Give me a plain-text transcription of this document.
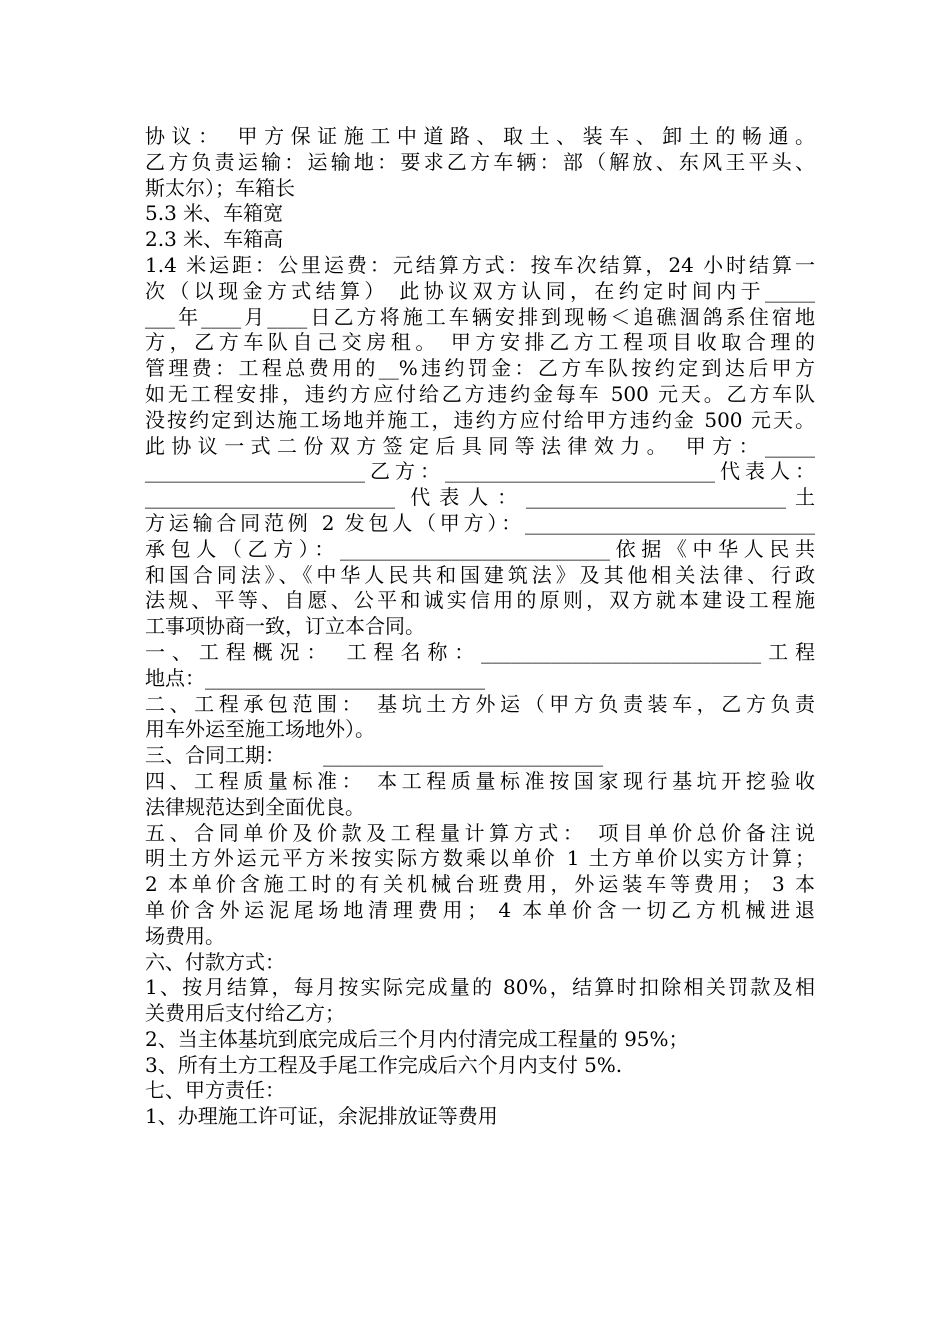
协议： 甲方保证施工中道路、取土、装车、卸土的畅通。
乙方负责运输：运输地：要求乙方车辆：部（解放、东风王平头、
斯太尔）；车箱长
5.3 米、车箱宽
2.3 米、车箱高
1.4 米运距：公里运费：元结算方式：按车次结算，24 小时结算一
次（以现金方式结算） 此协议双方认同，在约定时间内于_____
___年____月____日乙方将施工车辆安排到现畅＜追礁涸鸽系住宿地
方，乙方车队自己交房租。 甲方安排乙方工程项目收取合理的
管理费：工程总费用的__%违约罚金：乙方车队按约定到达后甲方
如无工程安排，违约方应付给乙方违约金每车 500 元天。乙方车队
没按约定到达施工场地并施工，违约方应付给甲方违约金 500 元天。
此协议一式二份双方签定后具同等法律效力。 甲方：_____
______________________乙方：___________________________代表人：
_________________________ 代表人：__________________________土
方运输合同范例 2 发包人（甲方）：_____________________________
承包人（乙方）：___________________________依据《中华人民共
和国合同法》、《中华人民共和国建筑法》及其他相关法律、行政
法规、平等、自愿、公平和诚实信用的原则，双方就本建设工程施
工事项协商一致，订立本合同。
一、工程概况： 工程名称：____________________________工程
地点：____________________________
二、工程承包范围： 基坑土方外运（甲方负责装车，乙方负责
用车外运至施工场地外）。
三、合同工期：      ____________________________
四、工程质量标准： 本工程质量标准按国家现行基坑开挖验收
法律规范达到全面优良。
五、合同单价及价款及工程量计算方式： 项目单价总价备注说
明土方外运元平方米按实际方数乘以单价 1 土方单价以实方计算；
2 本单价含施工时的有关机械台班费用，外运装车等费用； 3 本
单价含外运泥尾场地清理费用； 4 本单价含一切乙方机械进退
场费用。
六、付款方式：
1、按月结算，每月按实际完成量的 80%，结算时扣除相关罚款及相
关费用后支付给乙方；
2、当主体基坑到底完成后三个月内付清完成工程量的 95%；
3、所有土方工程及手尾工作完成后六个月内支付 5%.
七、甲方责任：
1、办理施工许可证，余泥排放证等费用
